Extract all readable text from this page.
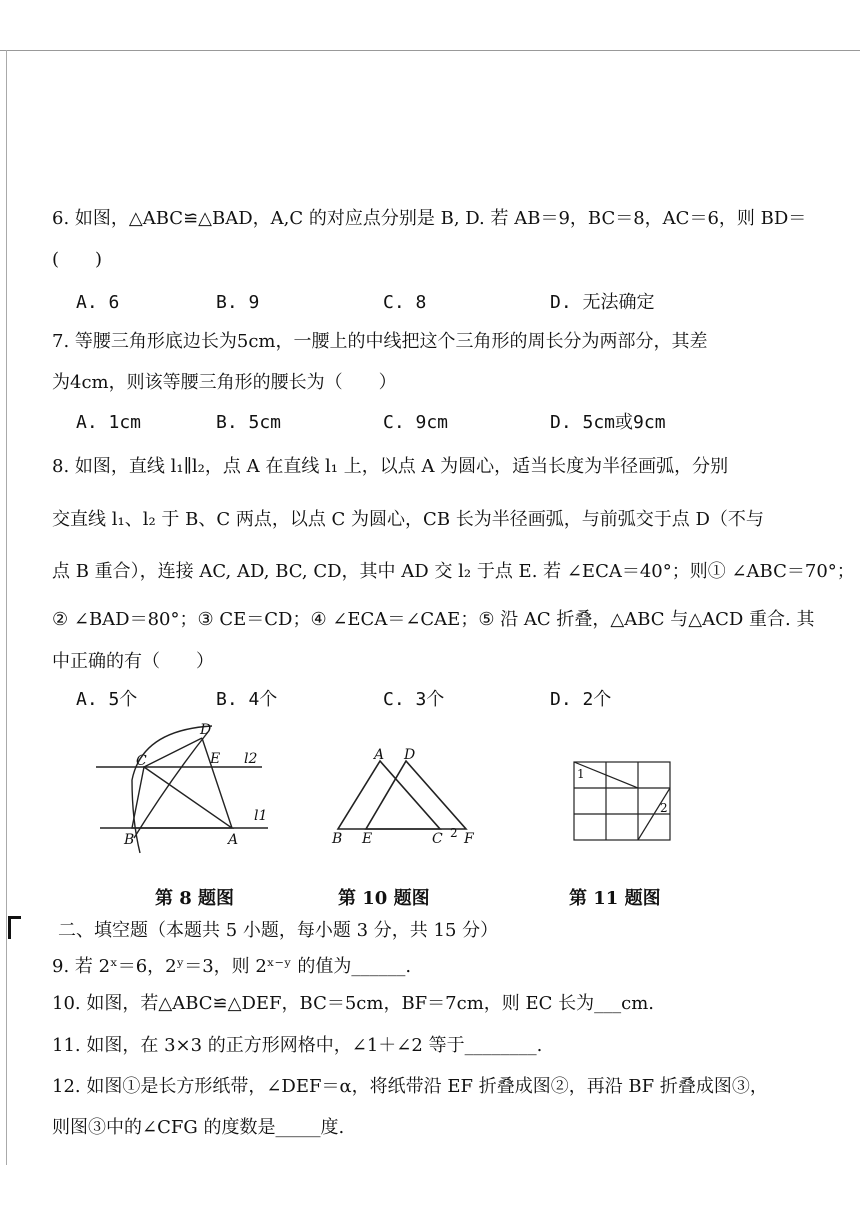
6. 如图，△ABC≌△BAD，A,C 的对应点分别是 B, D. 若 AB＝9，BC＝8，AC＝6，则 BD＝
(　　)
A. 6	B. 9	C. 8	D. 无法确定
7. 等腰三角形底边长为5cm，一腰上的中线把这个三角形的周长分为两部分，其差
为4cm，则该等腰三角形的腰长为（　　）
A. 1cm	B. 5cm	C. 9cm	D. 5cm或9cm
8. 如图，直线 l₁∥l₂，点 A 在直线 l₁ 上，以点 A 为圆心，适当长度为半径画弧，分别
交直线 l₁、l₂ 于 B、C 两点，以点 C 为圆心，CB 长为半径画弧，与前弧交于点 D（不与
点 B 重合），连接 AC, AD, BC, CD，其中 AD 交 l₂ 于点 E. 若 ∠ECA＝40°；则① ∠ABC＝70°；
② ∠BAD＝80°；③ CE＝CD；④ ∠ECA＝∠CAE；⑤ 沿 AC 折叠，△ABC 与△ACD 重合. 其
中正确的有（　　）
A. 5个	B. 4个	C. 3个	D. 2个
D
C	E l2
l1
B	A
A D
B E	C 2 F
1
2
第 8 题图	第 10 题图	第 11 题图
二、填空题（本题共 5 小题，每小题 3 分，共 15 分）
9. 若 2ˣ＝6，2ʸ＝3，则 2ˣ⁻ʸ 的值为______.
10. 如图，若△ABC≌△DEF，BC＝5cm，BF＝7cm，则 EC 长为___cm.
11. 如图，在 3×3 的正方形网格中，∠1＋∠2 等于________.
12. 如图①是长方形纸带，∠DEF＝α，将纸带沿 EF 折叠成图②，再沿 BF 折叠成图③，
则图③中的∠CFG 的度数是_____度.
